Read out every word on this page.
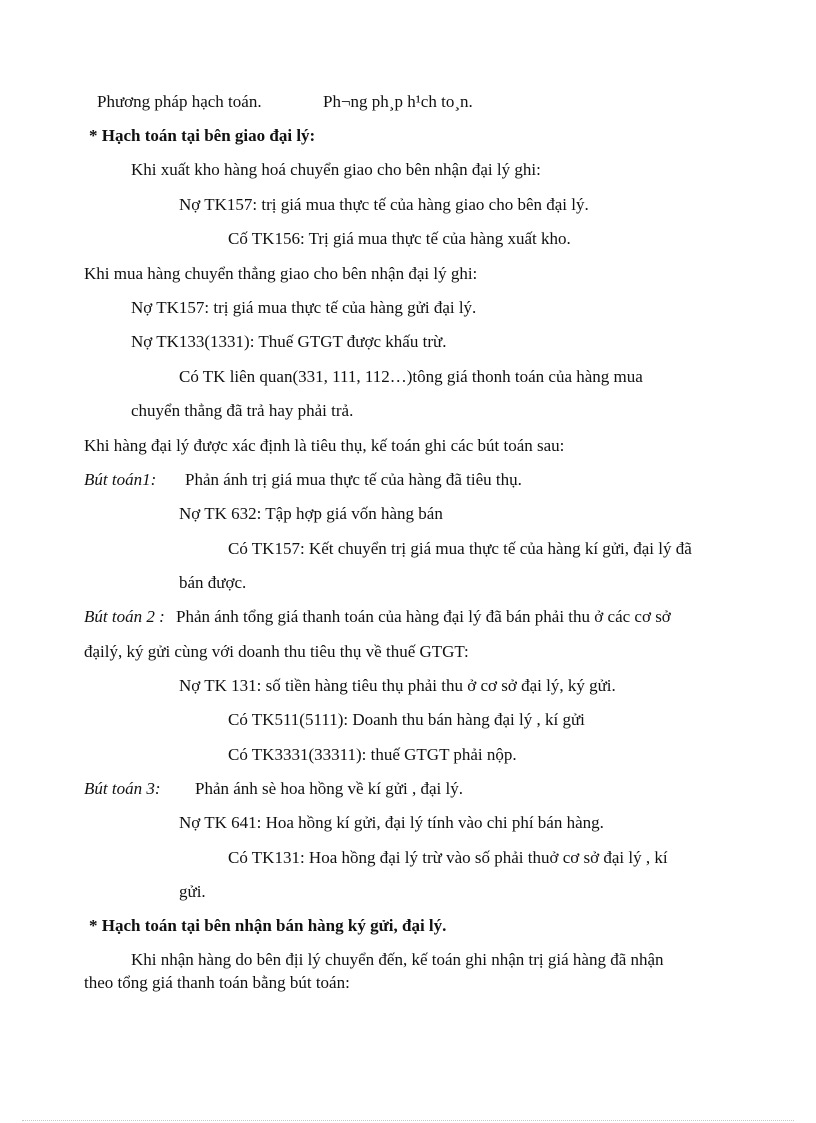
Phương pháp hạch toán.	Ph¬ng ph¸p h¹ch to¸n.
* Hạch toán tại bên giao đại lý:
Khi xuất kho hàng hoá chuyển giao cho bên nhận đại lý ghi:
Nợ TK157: trị giá mua thực tế của hàng giao cho bên đại lý.
Cố TK156: Trị giá mua thực tế của hàng xuất kho.
Khi mua hàng chuyển thẳng giao cho bên nhận đại lý ghi:
Nợ TK157: trị giá mua thực tế của hàng gửi đại lý.
Nợ TK133(1331): Thuế GTGT được khấu trừ.
Có TK liên quan(331, 111, 112…)tông giá thonh toán của hàng mua
chuyển thẳng đã trả hay phải trả.
Khi hàng đại lý được xác định là tiêu thụ, kế toán ghi các bút toán sau:
Bút toán1: Phản ánh trị giá mua thực tế của hàng đã tiêu thụ.
Nợ TK 632: Tập hợp giá vốn hàng bán
Có TK157: Kết chuyển trị giá mua thực tế của hàng kí gửi, đại lý đã
bán được.
Bút toán 2 : Phản ánh tổng giá thanh toán của hàng đại lý đã bán phải thu ở các cơ sở
đạilý, ký gửi cùng với doanh thu tiêu thụ về thuế GTGT:
Nợ TK 131: số tiền hàng tiêu thụ phải thu ở cơ sở đại lý, ký gửi.
Có TK511(5111): Doanh thu bán hàng đại lý , kí gửi
Có TK3331(33311): thuế GTGT phải nộp.
Bút toán 3: Phản ánh sè hoa hồng về kí gửi , đại lý.
Nợ TK 641: Hoa hồng kí gửi, đại lý tính vào chi phí bán hàng.
Có TK131: Hoa hồng đại lý trừ vào số phải thuở cơ sở đại lý , kí
gửi.
* Hạch toán tại bên nhận bán hàng ký gửi, đại lý.
Khi nhận hàng do bên địi lý chuyển đến, kế toán ghi nhận trị giá hàng đã nhận
theo tổng giá thanh toán bằng bút toán:
